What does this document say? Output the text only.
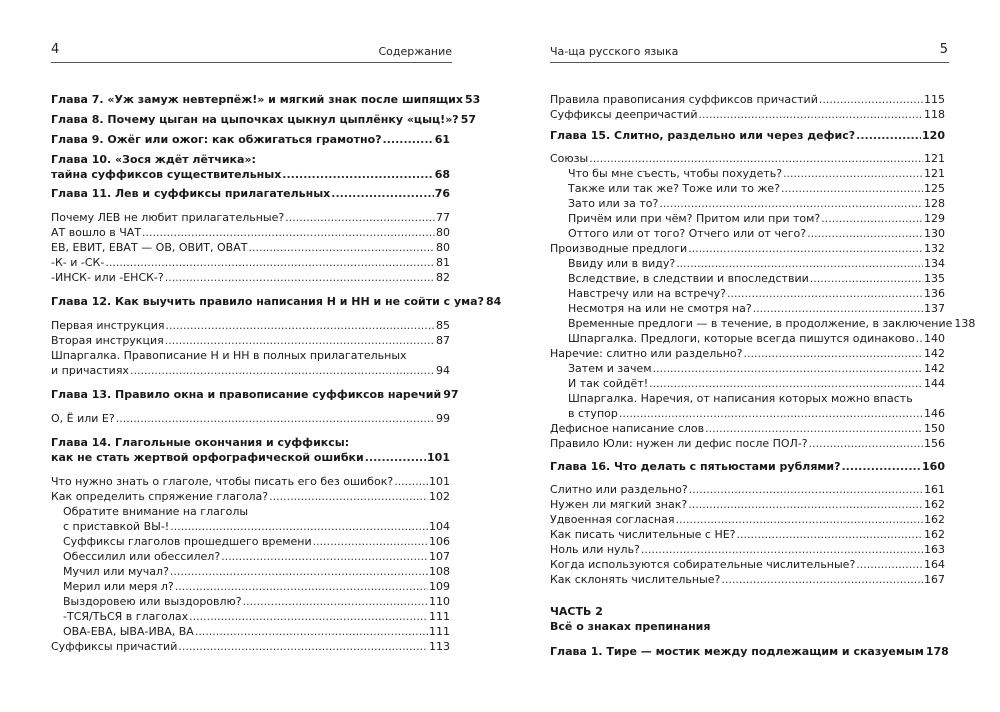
4	Содержание
Глава 7. «Уж замуж невтерпёж!» и мягкий знак после шипящих 53
Глава 8. Почему цыган на цыпочках цыкнул цыплёнку «цыц!»? 57
Глава 9. Ожёг или ожог: как обжигаться грамотно? .....	61
Глава 10. «Зося ждёт лётчика»:
тайна суффиксов существительных .....	68
Глава 11. Лев и суффиксы прилагательных .....	76
Почему ЛЕВ не любит прилагательные? .....	77
АТ вошло в ЧАТ .....	80
ЕВ, ЕВИТ, ЕВАТ — ОВ, ОВИТ, ОВАТ .....	80
-К- и -СК- .....	81
-ИНСК- или -ЕНСК-? .....	82
Глава 12. Как выучить правило написания Н и НН и не сойти с ума? 84
Первая инструкция .....	85
Вторая инструкция .....	87
Шпаргалка. Правописание Н и НН в полных прилагательных
и причастиях .....	94
Глава 13. Правило окна и правописание суффиксов наречий 97
О, Ё или Е? .....	99
Глава 14. Глагольные окончания и суффиксы:
как не стать жертвой орфографической ошибки .....	101
Что нужно знать о глаголе, чтобы писать его без ошибок? .....	101
Как определить спряжение глагола? .....	102
Обратите внимание на глаголы
с приставкой ВЫ-! .....	104
Суффиксы глаголов прошедшего времени .....	106
Обессилил или обессилел? .....	107
Мучил или мучал? .....	108
Мерил или меря л? .....	109
Выздоровею или выздоровлю? .....	110
-ТСЯ/ТЬСЯ в глаголах .....	111
ОВА-ЕВА, ЫВА-ИВА, ВА .....	111
Суффиксы причастий .....	113
Ча-ща русского языка	5
Правила правописания суффиксов причастий .....	115
Суффиксы деепричастий .....	118
Глава 15. Слитно, раздельно или через дефис? .....	120
Союзы .....	121
Что бы мне съесть, чтобы похудеть? .....	121
Также или так же? Тоже или то же? .....	125
Зато или за то? .....	128
Причём или при чём? Притом или при том? .....	129
Оттого или от того? Отчего или от чего? .....	130
Производные предлоги .....	132
Ввиду или в виду? .....	134
Вследствие, в следствии и впоследствии .....	135
Навстречу или на встречу? .....	136
Несмотря на или не смотря на? .....	137
Временные предлоги — в течение, в продолжение, в заключение 138
Шпаргалка. Предлоги, которые всегда пишутся одинаково ..... 140
Наречие: слитно или раздельно? .....	142
Затем и зачем .....	142
И так сойдёт! .....	144
Шпаргалка. Наречия, от написания которых можно впасть
в ступор .....	146
Дефисное написание слов .....	150
Правило Юли: нужен ли дефис после ПОЛ-? .....	156
Глава 16. Что делать с пятьюстами рублями? .....	160
Слитно или раздельно? .....	161
Нужен ли мягкий знак? .....	162
Удвоенная согласная .....	162
Как писать числительные с НЕ? .....	162
Ноль или нуль? .....	163
Когда используются собирательные числительные? .....	164
Как склонять числительные? .....	167
ЧАСТЬ 2
Всё о знаках препинания
Глава 1. Тире — мостик между подлежащим и сказуемым 178
